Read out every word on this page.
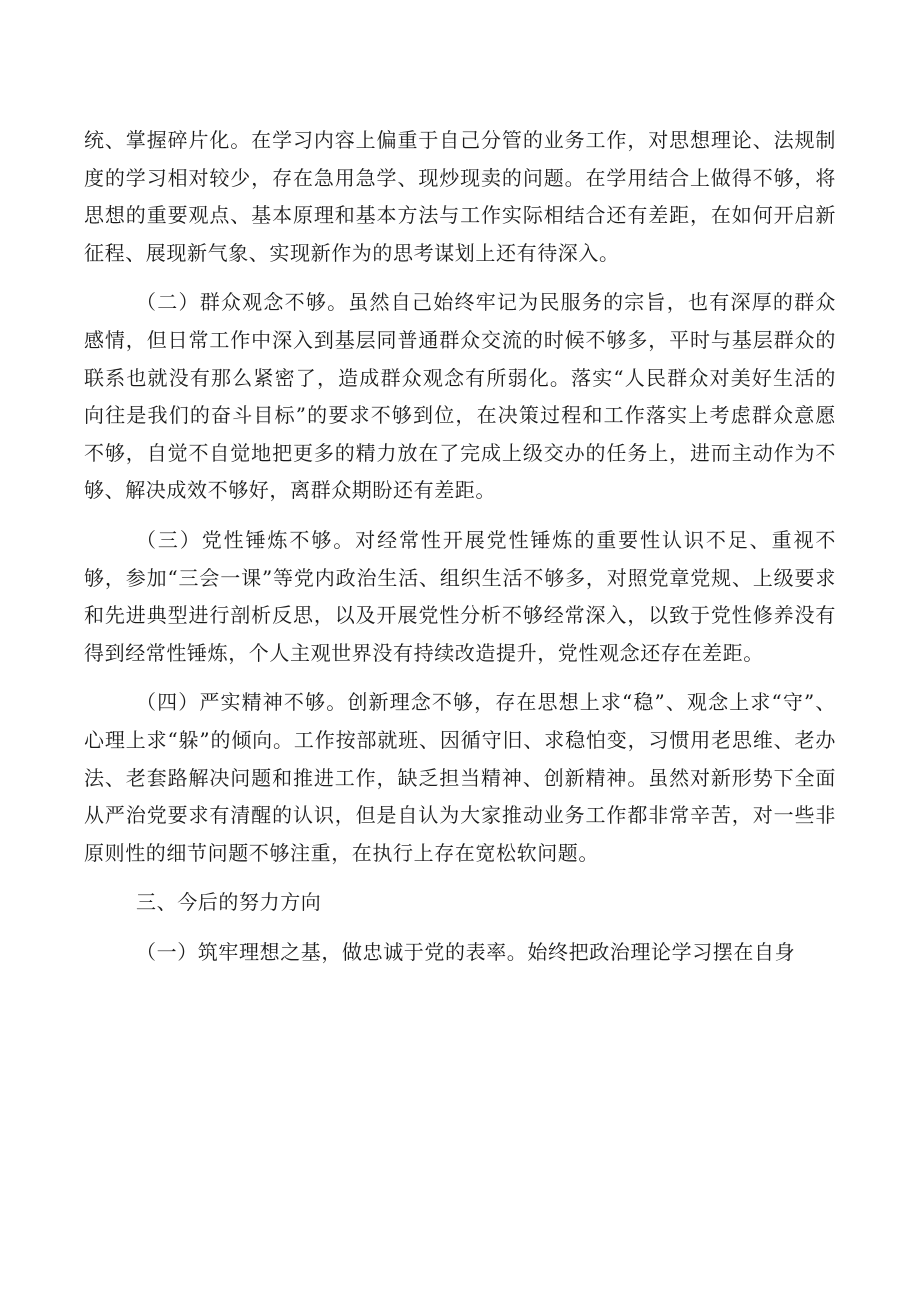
统、掌握碎片化。在学习内容上偏重于自己分管的业务工作，对思想理论、法规制度的学习相对较少，存在急用急学、现炒现卖的问题。在学用结合上做得不够，将思想的重要观点、基本原理和基本方法与工作实际相结合还有差距，在如何开启新征程、展现新气象、实现新作为的思考谋划上还有待深入。

（二）群众观念不够。虽然自己始终牢记为民服务的宗旨，也有深厚的群众感情，但日常工作中深入到基层同普通群众交流的时候不够多，平时与基层群众的联系也就没有那么紧密了，造成群众观念有所弱化。落实“人民群众对美好生活的向往是我们的奋斗目标”的要求不够到位，在决策过程和工作落实上考虑群众意愿不够，自觉不自觉地把更多的精力放在了完成上级交办的任务上，进而主动作为不够、解决成效不够好，离群众期盼还有差距。

（三）党性锤炼不够。对经常性开展党性锤炼的重要性认识不足、重视不够，参加“三会一课”等党内政治生活、组织生活不够多，对照党章党规、上级要求和先进典型进行剖析反思，以及开展党性分析不够经常深入，以致于党性修养没有得到经常性锤炼，个人主观世界没有持续改造提升，党性观念还存在差距。

（四）严实精神不够。创新理念不够，存在思想上求“稳”、观念上求“守”、心理上求“躲”的倾向。工作按部就班、因循守旧、求稳怕变，习惯用老思维、老办法、老套路解决问题和推进工作，缺乏担当精神、创新精神。虽然对新形势下全面从严治党要求有清醒的认识，但是自认为大家推动业务工作都非常辛苦，对一些非原则性的细节问题不够注重，在执行上存在宽松软问题。

三、今后的努力方向

（一）筑牢理想之基，做忠诚于党的表率。始终把政治理论学习摆在自身
